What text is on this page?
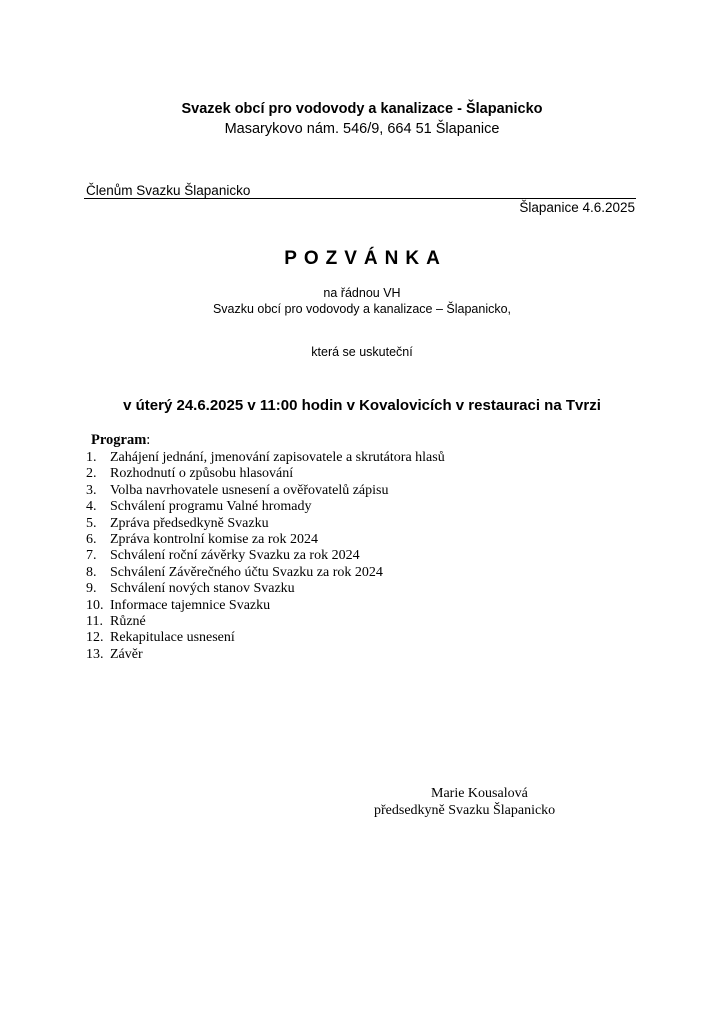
Svazek obcí pro vodovody a kanalizace - Šlapanicko
Masarykovo nám. 546/9, 664 51 Šlapanice
Členům Svazku Šlapanicko
Šlapanice 4.6.2025
POZVÁNKA
na řádnou VH
Svazku obcí pro vodovody a kanalizace – Šlapanicko,
která se uskuteční
v úterý 24.6.2025 v 11:00 hodin v Kovalovicích v restauraci na Tvrzi
Program:
1. Zahájení jednání, jmenování zapisovatele a skrutátora hlasů
2. Rozhodnutí o způsobu hlasování
3. Volba navrhovatele usnesení a ověřovatelů zápisu
4. Schválení programu Valné hromady
5. Zpráva předsedkyně Svazku
6. Zpráva kontrolní komise za rok 2024
7. Schválení roční závěrky Svazku za rok 2024
8. Schválení Závěrečného účtu Svazku za rok 2024
9. Schválení nových stanov Svazku
10. Informace tajemnice Svazku
11. Různé
12. Rekapitulace usnesení
13. Závěr
Marie Kousalová
předsedkyně Svazku Šlapanicko
